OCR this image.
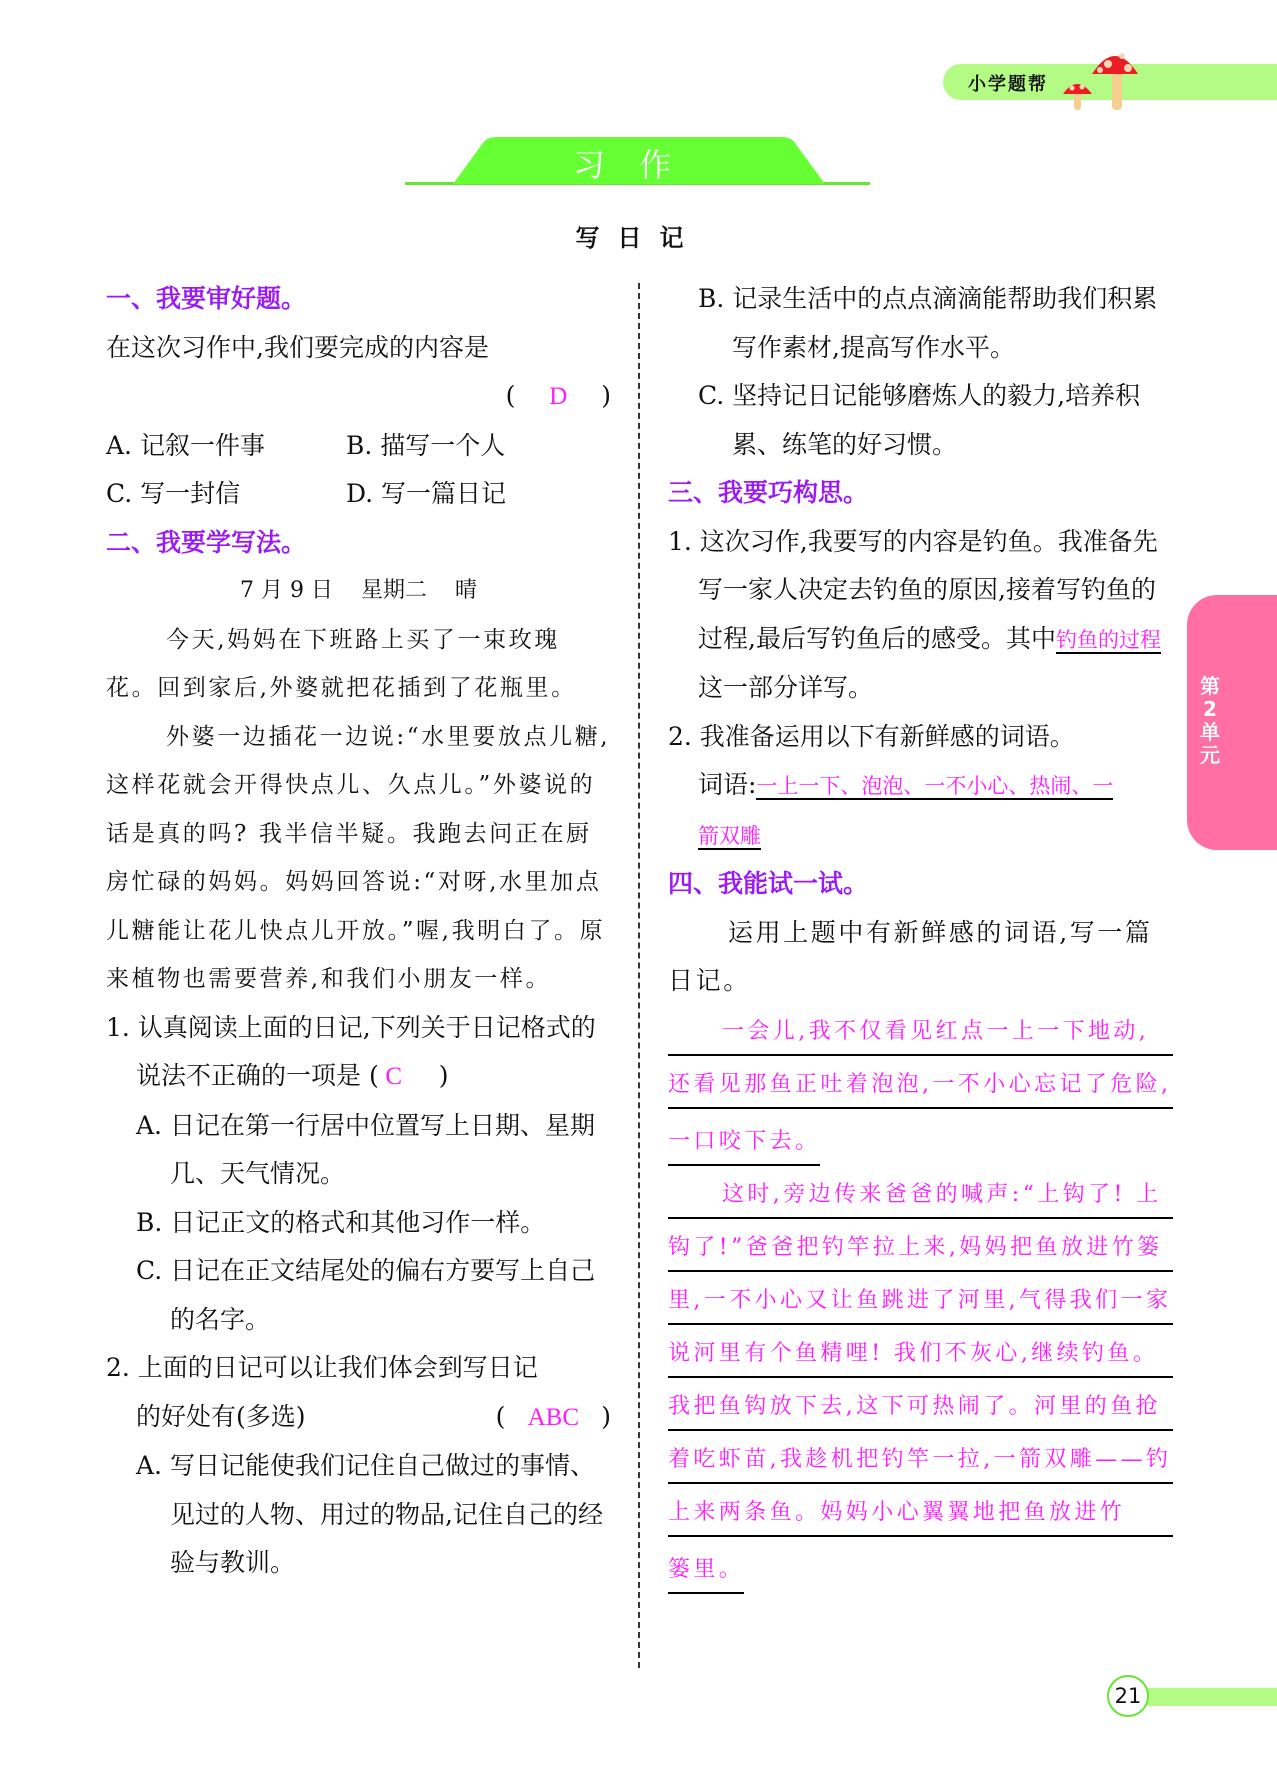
小学题帮
习作
写日记
一、我要审好题。
在这次习作中,我们要完成的内容是
( D )
A. 记叙一件事	B. 描写一个人
C. 写一封信	D. 写一篇日记
二、我要学写法。
7 月 9 日    星期二    晴
今天,妈妈在下班路上买了一束玫瑰花。回到家后,外婆就把花插到了花瓶里。
外婆一边插花一边说:“水里要放点儿糖,这样花就会开得快点儿、久点儿。”外婆说的话是真的吗? 我半信半疑。我跑去问正在厨房忙碌的妈妈。妈妈回答说:“对呀,水里加点儿糖能让花儿快点儿开放。”喔,我明白了。原来植物也需要营养,和我们小朋友一样。
1. 认真阅读上面的日记,下列关于日记格式的说法不正确的一项是 ( C )
A. 日记在第一行居中位置写上日期、星期几、天气情况。
B. 日记正文的格式和其他习作一样。
C. 日记在正文结尾处的偏右方要写上自己的名字。
2. 上面的日记可以让我们体会到写日记
的好处有(多选)	( ABC )
A. 写日记能使我们记住自己做过的事情、见过的人物、用过的物品,记住自己的经验与教训。
B. 记录生活中的点点滴滴能帮助我们积累写作素材,提高写作水平。
C. 坚持记日记能够磨炼人的毅力,培养积累、练笔的好习惯。
三、我要巧构思。
1. 这次习作,我要写的内容是钓鱼。我准备先写一家人决定去钓鱼的原因,接着写钓鱼的过程,最后写钓鱼后的感受。其中钓鱼的过程这一部分详写。
2. 我准备运用以下有新鲜感的词语。
词语:一上一下、泡泡、一不小心、热闹、一
箭双雕
四、我能试一试。
运用上题中有新鲜感的词语,写一篇日记。
一会儿,我不仅看见红点一上一下地动,
还看见那鱼正吐着泡泡,一不小心忘记了危险,
一口咬下去。
这时,旁边传来爸爸的喊声:“上钩了! 上
钩了!”爸爸把钓竿拉上来,妈妈把鱼放进竹篓
里,一不小心又让鱼跳进了河里,气得我们一家
说河里有个鱼精哩! 我们不灰心,继续钓鱼。
我把鱼钩放下去,这下可热闹了。河里的鱼抢
着吃虾苗,我趁机把钓竿一拉,一箭双雕——钓
上来两条鱼。妈妈小心翼翼地把鱼放进竹
篓里。
第
2
单
元
21
